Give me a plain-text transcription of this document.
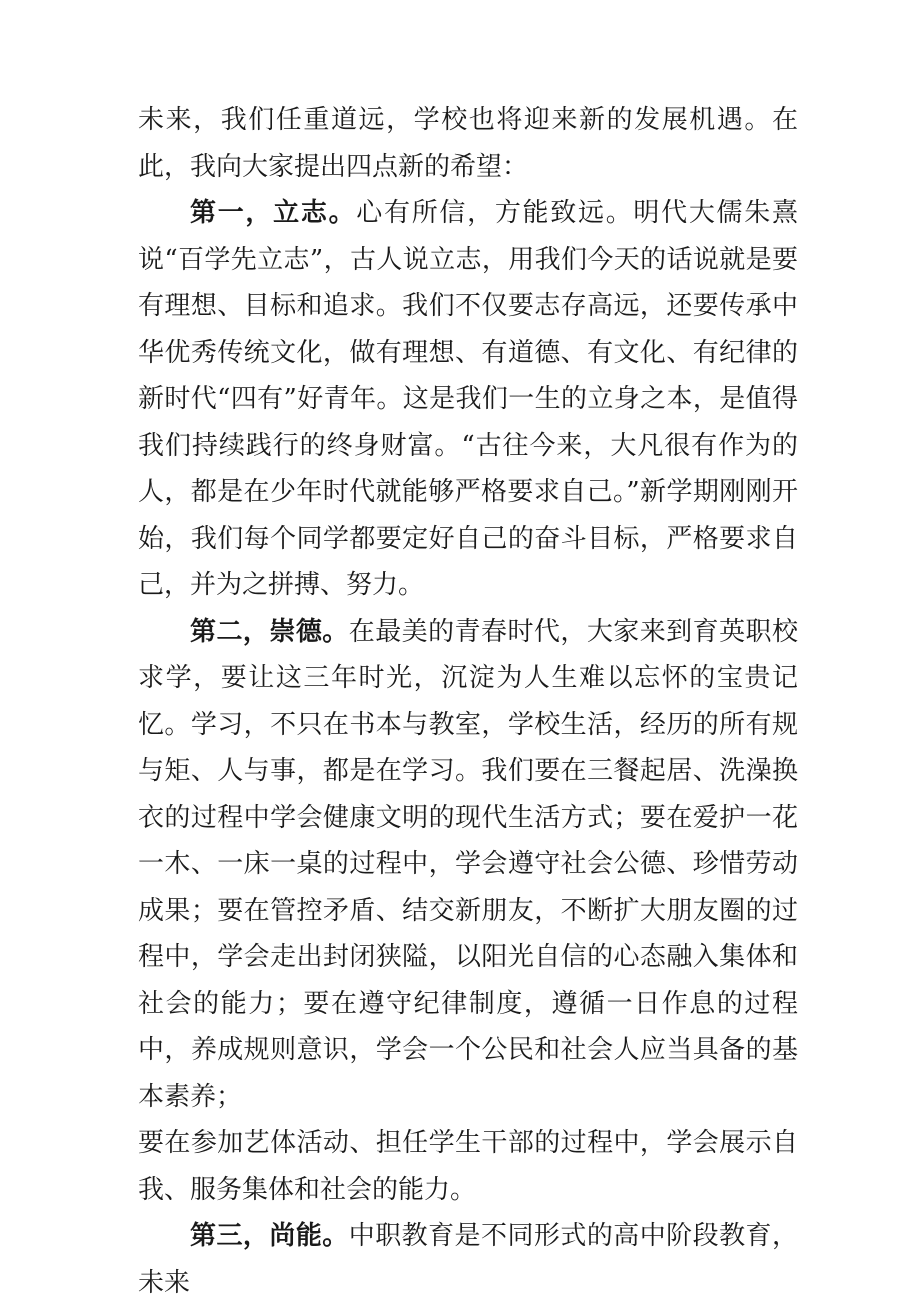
未来，我们任重道远，学校也将迎来新的发展机遇。在此，我向大家提出四点新的希望：

第一，立志。心有所信，方能致远。明代大儒朱熹说“百学先立志”，古人说立志，用我们今天的话说就是要有理想、目标和追求。我们不仅要志存高远，还要传承中华优秀传统文化，做有理想、有道德、有文化、有纪律的新时代“四有”好青年。这是我们一生的立身之本，是值得我们持续践行的终身财富。“古往今来，大凡很有作为的人，都是在少年时代就能够严格要求自己。”新学期刚刚开始，我们每个同学都要定好自己的奋斗目标，严格要求自己，并为之拼搏、努力。

第二，崇德。在最美的青春时代，大家来到育英职校求学，要让这三年时光，沉淀为人生难以忘怀的宝贵记忆。学习，不只在书本与教室，学校生活，经历的所有规与矩、人与事，都是在学习。我们要在三餐起居、洗澡换衣的过程中学会健康文明的现代生活方式；要在爱护一花一木、一床一桌的过程中，学会遵守社会公德、珍惜劳动成果；要在管控矛盾、结交新朋友，不断扩大朋友圈的过程中，学会走出封闭狭隘，以阳光自信的心态融入集体和社会的能力；要在遵守纪律制度，遵循一日作息的过程中，养成规则意识，学会一个公民和社会人应当具备的基本素养；

要在参加艺体活动、担任学生干部的过程中，学会展示自我、服务集体和社会的能力。

第三，尚能。中职教育是不同形式的高中阶段教育，未来
